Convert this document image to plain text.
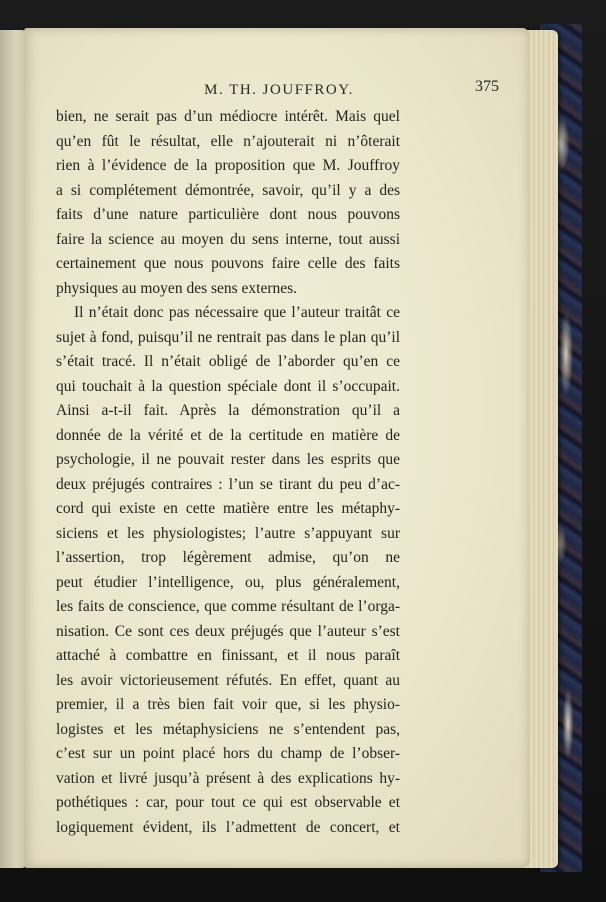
M. TH. JOUFFROY.	375
bien, ne serait pas d’un médiocre intérêt. Mais quel
qu’en fût le résultat, elle n’ajouterait ni n’ôterait
rien à l’évidence de la proposition que M. Jouffroy
a si complétement démontrée, savoir, qu’il y a des
faits d’une nature particulière dont nous pouvons
faire la science au moyen du sens interne, tout aussi
certainement que nous pouvons faire celle des faits
physiques au moyen des sens externes.
Il n’était donc pas nécessaire que l’auteur traitât ce
sujet à fond, puisqu’il ne rentrait pas dans le plan qu’il
s’était tracé. Il n’était obligé de l’aborder qu’en ce
qui touchait à la question spéciale dont il s’occupait.
Ainsi a-t-il fait. Après la démonstration qu’il a
donnée de la vérité et de la certitude en matière de
psychologie, il ne pouvait rester dans les esprits que
deux préjugés contraires : l’un se tirant du peu d’ac-
cord qui existe en cette matière entre les métaphy-
siciens et les physiologistes; l’autre s’appuyant sur
l’assertion, trop légèrement admise, qu’on ne
peut étudier l’intelligence, ou, plus généralement,
les faits de conscience, que comme résultant de l’orga-
nisation. Ce sont ces deux préjugés que l’auteur s’est
attaché à combattre en finissant, et il nous paraît
les avoir victorieusement réfutés. En effet, quant au
premier, il a très bien fait voir que, si les physio-
logistes et les métaphysiciens ne s’entendent pas,
c’est sur un point placé hors du champ de l’obser-
vation et livré jusqu’à présent à des explications hy-
pothétiques : car, pour tout ce qui est observable et
logiquement évident, ils l’admettent de concert, et
